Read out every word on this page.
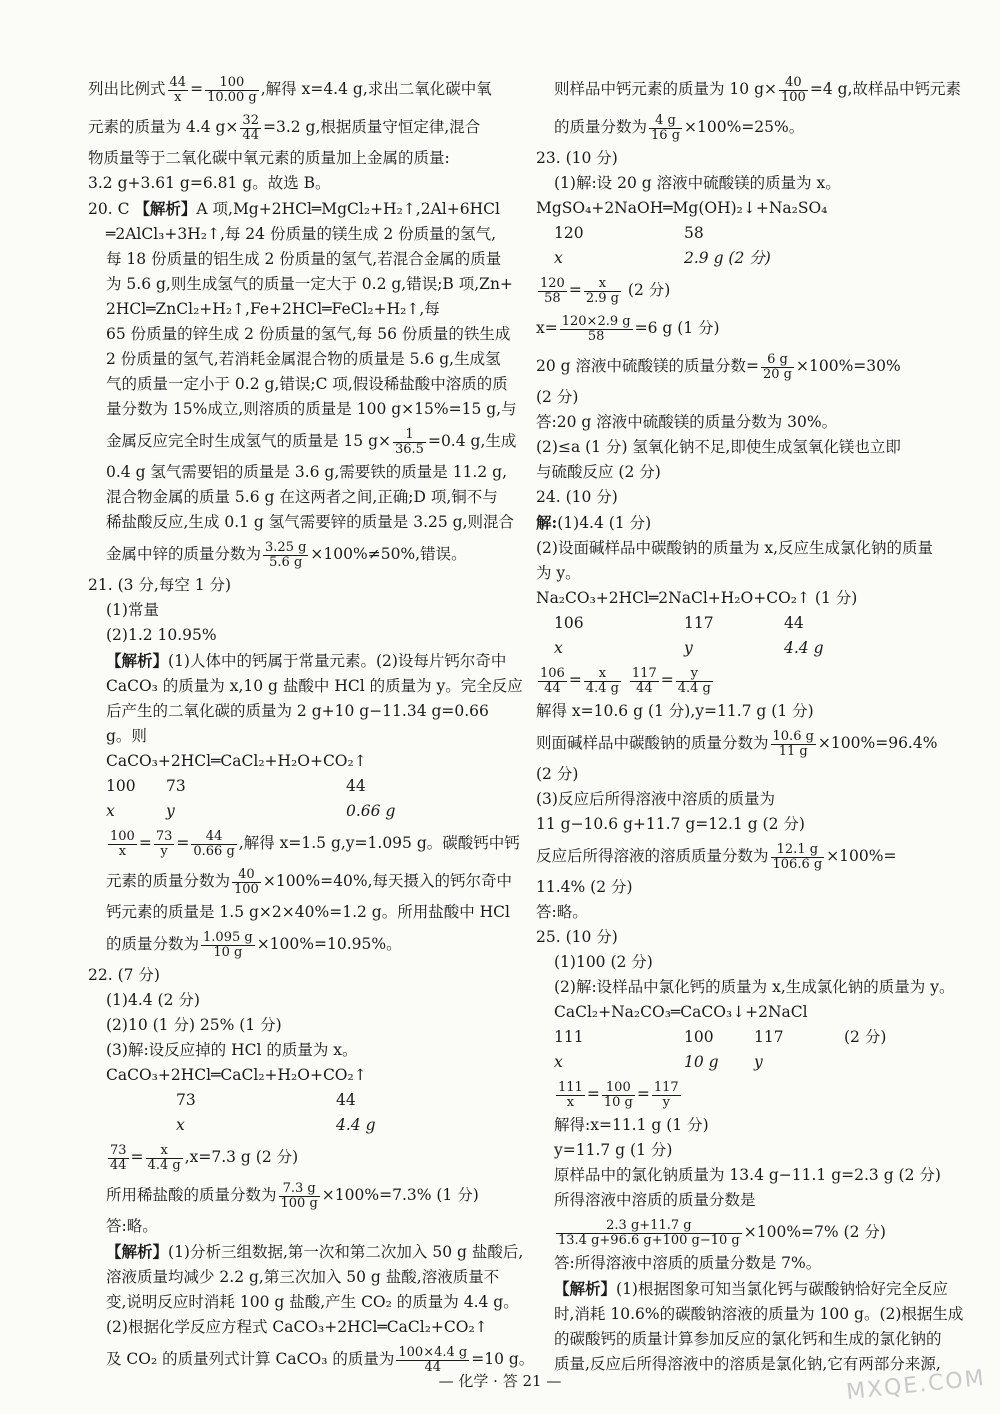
列出比例式 $\frac{44}{x} = \frac{100}{10.00 g}$ ,解得 x=4.4 g,求出二氧化碳中氧
元素的质量为 4.4 $g\times \frac{32}{44} =3.2$ g,根据质量守恒定律,混合
物质量等于二氧化碳中氧元素的质量加上金属的质量:
3.2 g+3.61 g=6.81 g。故选 B。
20. C 【解析】A 项,Mg+2HCl═MgCl₂+H₂↑,2Al+6HCl
═2AlCl₃+3H₂↑,每 24 份质量的镁生成 2 份质量的氢气,
每 18 份质量的铝生成 2 份质量的氢气,若混合金属的质量
为 5.6 g,则生成氢气的质量一定大于 0.2 g,错误;B 项,Zn+
2HCl═ZnCl₂+H₂↑,Fe+2HCl═FeCl₂+H₂↑,每
65 份质量的锌生成 2 份质量的氢气,每 56 份质量的铁生成
2 份质量的氢气,若消耗金属混合物的质量是 5.6 g,生成氢
气的质量一定小于 0.2 g,错误;C 项,假设稀盐酸中溶质的质
量分数为 15%成立,则溶质的质量是 100 g×15%=15 g,与
金属反应完全时生成氢气的质量是 15 $g\times \frac{1}{36.5} =0.4$ g,生成
0.4 g 氢气需要铝的质量是 3.6 g,需要铁的质量是 11.2 g,
混合物金属的质量 5.6 g 在这两者之间,正确;D 项,铜不与
稀盐酸反应,生成 0.1 g 氢气需要锌的质量是 3.25 g,则混合
金属中锌的质量分数为 $\frac{3.25 g}{5.6 g} \times 100\%\ne 50\%$,错误。
21. (3 分,每空 1 分)
(1)常量
(2)1.2 10.95%
【解析】(1)人体中的钙属于常量元素。(2)设每片钙尔奇中
CaCO₃ 的质量为 x,10 g 盐酸中 HCl 的质量为 y。完全反应
后产生的二氧化碳的质量为 2 g+10 g−11.34 g=0.66
g。则
CaCO₃+2HCl═CaCl₂+H₂O+CO₂↑
100	73	44
x	y	0.66 g
$\frac{100}{x} = \frac{73}{y} = \frac{44}{0.66 g}$ ,解得 x=1.5 g,y=1.095 g。碳酸钙中钙
元素的质量分数为 $\frac{40}{100} \times 100\%=40\%$,每天摄入的钙尔奇中
钙元素的质量是 1.5 g×2×40%=1.2 g。所用盐酸中 HCl
的质量分数为 $\frac{1.095 g}{10 g} \times 100\%=10.95\%$。
22. (7 分)
(1)4.4 (2 分)
(2)10 (1 分) 25% (1 分)
(3)解:设反应掉的 HCl 的质量为 x。
CaCO₃+2HCl═CaCl₂+H₂O+CO₂↑
73	44
x	4.4 g
$\frac{73}{44} = \frac{x}{4.4 g} ,x=7.3$ g (2 分)
所用稀盐酸的质量分数为 $\frac{7.3 g}{100 g} \times 100\%=7.3\%$ (1 分)
答:略。
【解析】(1)分析三组数据,第一次和第二次加入 50 g 盐酸后,
溶液质量均减少 2.2 g,第三次加入 50 g 盐酸,溶液质量不
变,说明反应时消耗 100 g 盐酸,产生 CO₂ 的质量为 4.4 g。
(2)根据化学反应方程式 CaCO₃+2HCl═CaCl₂+CO₂↑
及 CO₂ 的质量列式计算 CaCO₃ 的质量为 $\frac{100\times 4.4 g}{44} =10$ g。
则样品中钙元素的质量为 10 $g\times \frac{40}{100} =4$ g,故样品中钙元素
的质量分数为 $\frac{4 g}{16 g} \times 100\%=25\%$。
23. (10 分)
(1)解:设 20 g 溶液中硫酸镁的质量为 x。
MgSO₄+2NaOH═Mg(OH)₂↓+Na₂SO₄
120	58
x	2.9 g (2 分)
$\frac{120}{58} = \frac{x}{2.9 g} (2$ 分)
$x= \frac{120\times 2.9 g}{58} =6$ g (1 分)
20 g 溶液中硫酸镁的质量分数= $\frac{6 g}{20 g} \times 100\%=30\%$
(2 分)
答:20 g 溶液中硫酸镁的质量分数为 30%。
(2)≤a (1 分) 氢氧化钠不足,即使生成氢氧化镁也立即
与硫酸反应 (2 分)
24. (10 分)
解:(1)4.4 (1 分)
(2)设面碱样品中碳酸钠的质量为 x,反应生成氯化钠的质量
为 y。
Na₂CO₃+2HCl═2NaCl+H₂O+CO₂↑ (1 分)
106	117	44
x	y	4.4 g
$\frac{106}{44} = \frac{x}{4.4 g}$
$\frac{117}{44} = \frac{y}{4.4 g}$
解得 x=10.6 g (1 分),y=11.7 g (1 分)
则面碱样品中碳酸钠的质量分数为 $\frac{10.6 g}{11 g} \times 100\%=96.4\%$
(2 分)
(3)反应后所得溶液中溶质的质量为
11 g−10.6 g+11.7 g=12.1 g (2 分)
反应后所得溶液的溶质质量分数为 $\frac{12.1 g}{106.6 g} \times 100\%=$
11.4% (2 分)
答:略。
25. (10 分)
(1)100 (2 分)
(2)解:设样品中氯化钙的质量为 x,生成氯化钠的质量为 y。
CaCl₂+Na₂CO₃═CaCO₃↓+2NaCl
111	100	117	(2 分)
x	10 g	y
$\frac{111}{x} = \frac{100}{10 g} = \frac{117}{y}$
解得:x=11.1 g (1 分)
y=11.7 g (1 分)
原样品中的氯化钠质量为 13.4 g−11.1 g=2.3 g (2 分)
所得溶液中溶质的质量分数是
$\frac{2.3 g+11.7 g}{13.4 g+96.6 g+100 g-10 g} \times 100\%=7\%$ (2 分)
答:所得溶液中溶质的质量分数是 7%。
【解析】(1)根据图象可知当氯化钙与碳酸钠恰好完全反应
时,消耗 10.6%的碳酸钠溶液的质量为 100 g。(2)根据生成
的碳酸钙的质量计算参加反应的氯化钙和生成的氯化钠的
质量,反应后所得溶液中的溶质是氯化钠,它有两部分来源,
— 化学 · 答 21 —	MXQE.COM
